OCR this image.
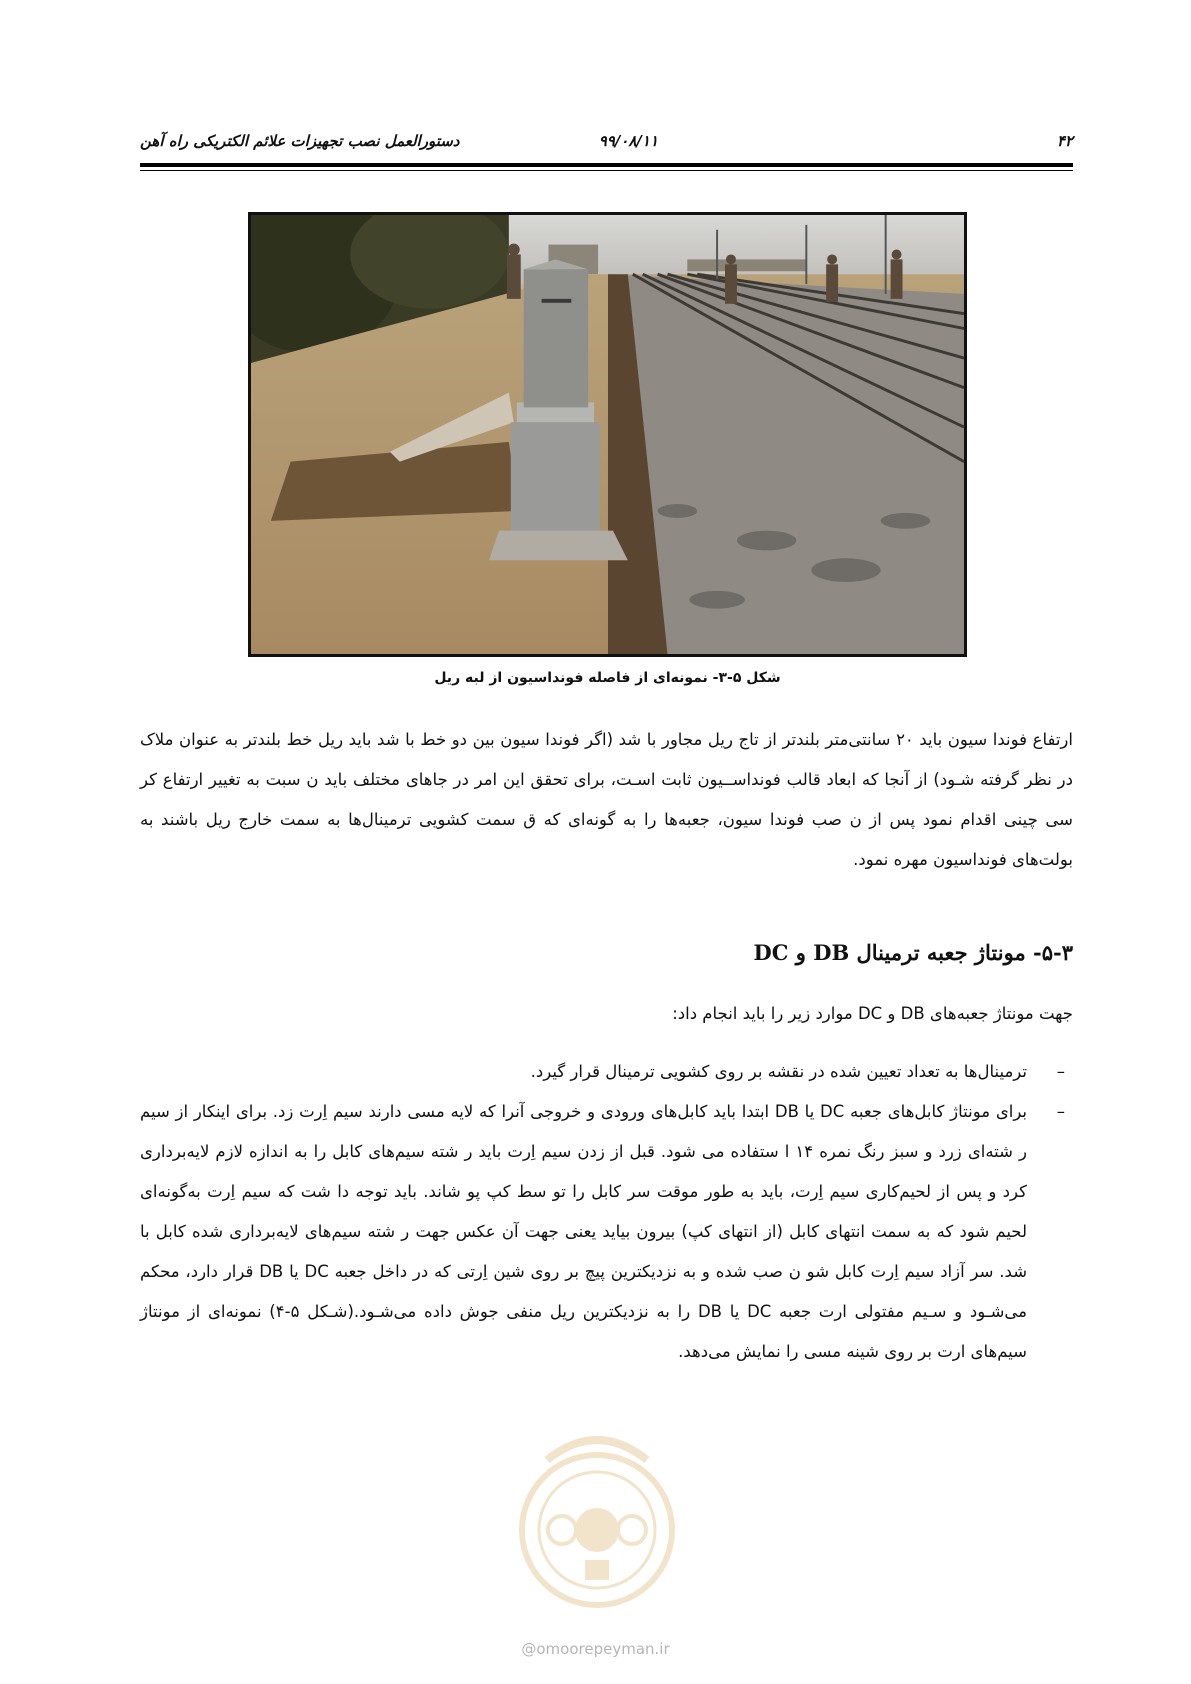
۴۲
۹۹/۰۸/۱۱
دستورالعمل نصب تجهیزات علائم الکتریکی راه آهن
شکل ۵-۳- نمونه‌ای از فاصله فونداسیون از لبه ریل
ارتفاع فوندا سیون باید ۲۰ سانتی‌متر بلندتر از تاج ریل مجاور با شد (اگر فوندا سیون بین دو خط با شد باید ریل خط بلندتر به عنوان ملاک در نظر گرفته شـود) از آنجا که ابعاد قالب فونداســیون ثابت اسـت، برای تحقق این امر در جاهای مختلف باید ن سبت به تغییر ارتفاع کر سی چینی اقدام نمود پس از ن صب فوندا سیون، جعبه‌ها را به گونه‌ای که ق سمت کشویی ترمینال‌ها به سمت خارج ریل باشند به بولت‌های فونداسیون مهره نمود.
۵-۳- مونتاژ جعبه ترمینال DB و DC
جهت مونتاژ جعبه‌های DB و DC موارد زیر را باید انجام داد:
–
ترمینال‌ها به تعداد تعیین شده در نقشه بر روی کشویی ترمینال قرار گیرد.
–
برای مونتاژ کابل‌های جعبه DC یا DB ابتدا باید کابل‌های ورودی و خروجی آنرا که لایه مسی دارند سیم اِرت زد. برای اینکار از سیم ر شته‌ای زرد و سبز رنگ نمره ۱۴ ا ستفاده می شود. قبل از زدن سیم اِرت باید ر شته سیم‌های کابل را به اندازه لازم لایه‌برداری کرد و پس از لحیم‌کاری سیم اِرت، باید به طور موقت سر کابل را تو سط کپ پو شاند. باید توجه دا شت که سیم اِرت به‌گونه‌ای لحیم شود که به سمت انتهای کابل (از انتهای کپ) بیرون بیاید یعنی جهت آن عکس جهت ر شته سیم‌های لایه‌برداری شده کابل با شد. سر آزاد سیم اِرت کابل شو ن صب شده و به نزدیکترین پیچ بر روی شین اِرتی که در داخل جعبه DC یا DB قرار دارد، محکم می‌شـود و سـیم مفتولی ارت جعبه DC یا DB را به نزدیکترین ریل منفی جوش داده می‌شـود.(شـکل ۵-۴) نمونه‌ای از مونتاژ سیم‌های ارت بر روی شینه مسی را نمایش می‌دهد.
@omoorepeyman.ir
